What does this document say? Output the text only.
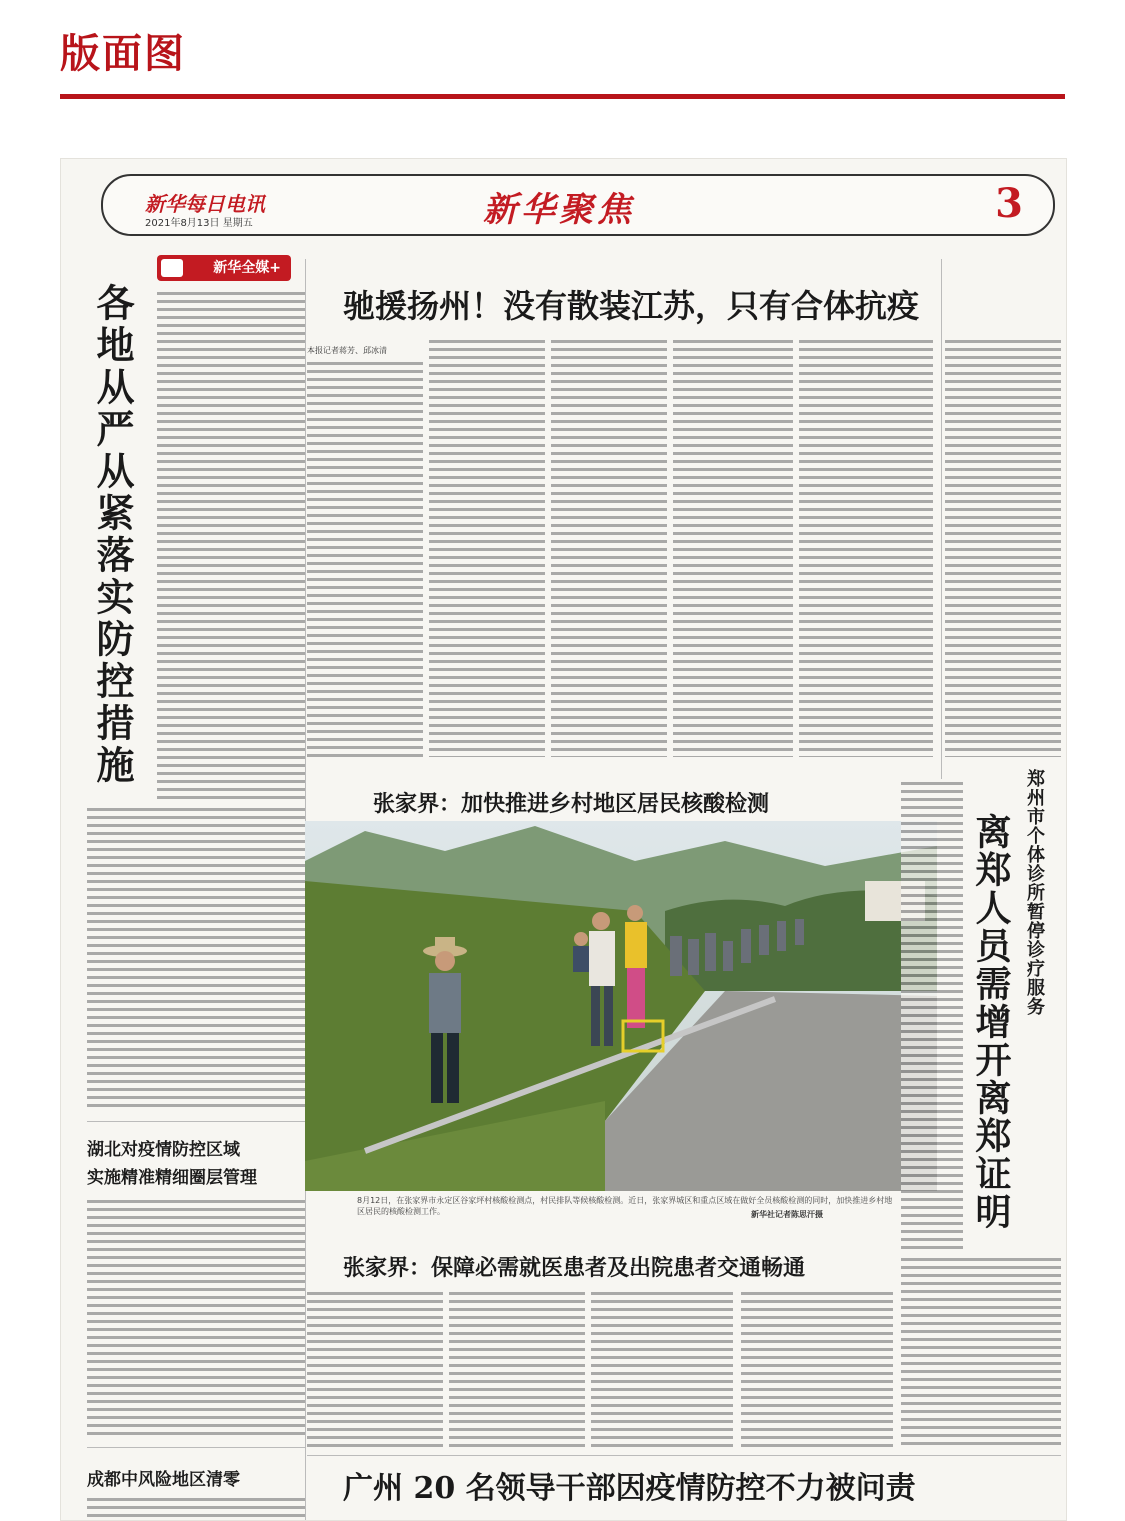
版面图
新华每日电讯
2021年8月13日 星期五	新华聚焦	3
新华全媒+
各地从严从紧落实防控措施
湖北对疫情防控区域
实施精准精细圈层管理
成都中风险地区清零
驰援扬州！没有散装江苏，只有合体抗疫
本报记者蒋芳、邱冰清
张家界：加快推进乡村地区居民核酸检测
8月12日，在张家界市永定区谷家坪村核酸检测点，村民排队等候核酸检测。近日，张家界城区和重点区域在做好全员核酸检测的同时，加快推进乡村地区居民的核酸检测工作。	新华社记者陈思汗摄
郑州市个体诊所暂停诊疗服务
离郑人员需增开离郑证明
张家界：保障必需就医患者及出院患者交通畅通
广州 20 名领导干部因疫情防控不力被问责
